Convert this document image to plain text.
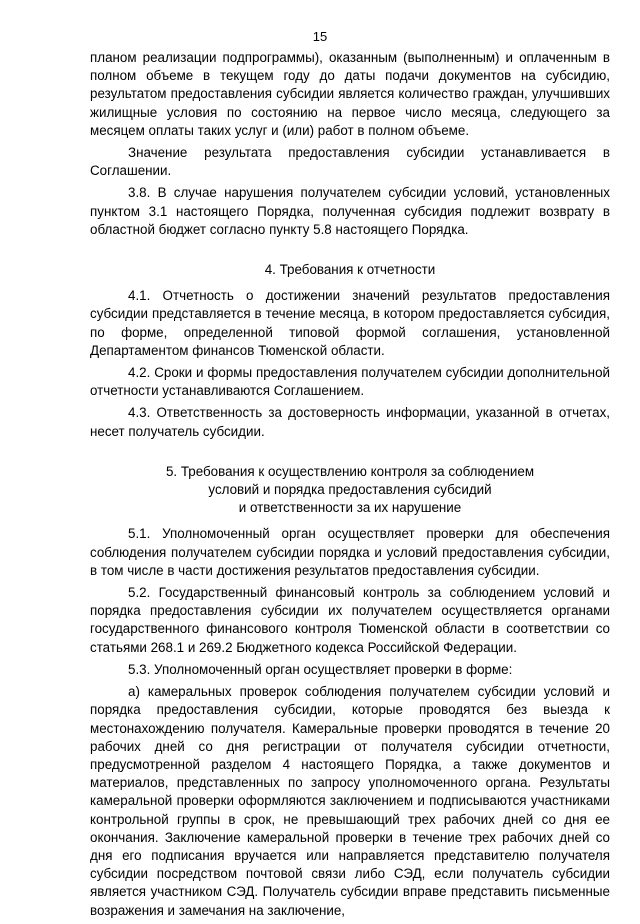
15

планом реализации подпрограммы), оказанным (выполненным) и оплаченным в полном объеме в текущем году до даты подачи документов на субсидию, результатом предоставления субсидии является количество граждан, улучшивших жилищные условия по состоянию на первое число месяца, следующего за месяцем оплаты таких услуг и (или) работ в полном объеме.

Значение результата предоставления субсидии устанавливается в Соглашении.

3.8. В случае нарушения получателем субсидии условий, установленных пунктом 3.1 настоящего Порядка, полученная субсидия подлежит возврату в областной бюджет согласно пункту 5.8 настоящего Порядка.

4. Требования к отчетности

4.1. Отчетность о достижении значений результатов предоставления субсидии представляется в течение месяца, в котором предоставляется субсидия, по форме, определенной типовой формой соглашения, установленной Департаментом финансов Тюменской области.

4.2. Сроки и формы предоставления получателем субсидии дополнительной отчетности устанавливаются Соглашением.

4.3. Ответственность за достоверность информации, указанной в отчетах, несет получатель субсидии.

5. Требования к осуществлению контроля за соблюдением
условий и порядка предоставления субсидий
и ответственности за их нарушение

5.1. Уполномоченный орган осуществляет проверки для обеспечения соблюдения получателем субсидии порядка и условий предоставления субсидии, в том числе в части достижения результатов предоставления субсидии.

5.2. Государственный финансовый контроль за соблюдением условий и порядка предоставления субсидии их получателем осуществляется органами государственного финансового контроля Тюменской области в соответствии со статьями 268.1 и 269.2 Бюджетного кодекса Российской Федерации.

5.3. Уполномоченный орган осуществляет проверки в форме:

а) камеральных проверок соблюдения получателем субсидии условий и порядка предоставления субсидии, которые проводятся без выезда к местонахождению получателя. Камеральные проверки проводятся в течение 20 рабочих дней со дня регистрации от получателя субсидии отчетности, предусмотренной разделом 4 настоящего Порядка, а также документов и материалов, представленных по запросу уполномоченного органа. Результаты камеральной проверки оформляются заключением и подписываются участниками контрольной группы в срок, не превышающий трех рабочих дней со дня ее окончания. Заключение камеральной проверки в течение трех рабочих дней со дня его подписания вручается или направляется представителю получателя субсидии посредством почтовой связи либо СЭД, если получатель субсидии является участником СЭД. Получатель субсидии вправе представить письменные возражения и замечания на заключение,
